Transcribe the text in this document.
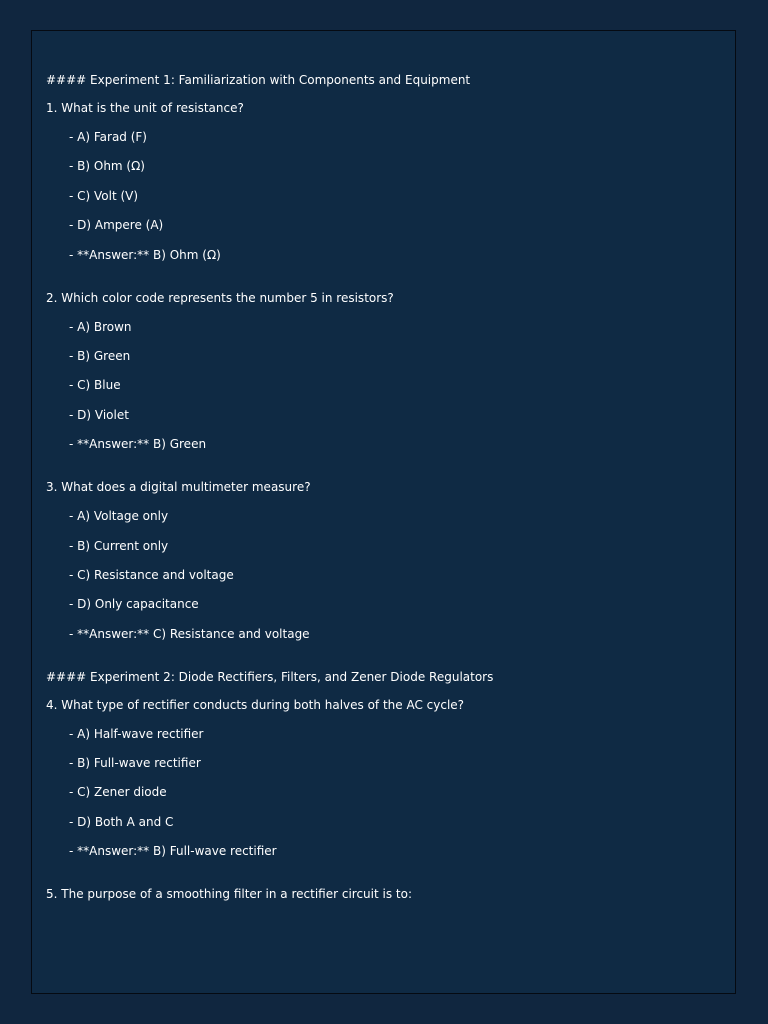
#### Experiment 1: Familiarization with Components and Equipment

1. What is the unit of resistance?

- A) Farad (F)

- B) Ohm (Ω)

- C) Volt (V)

- D) Ampere (A)

- **Answer:** B) Ohm (Ω)

2. Which color code represents the number 5 in resistors?

- A) Brown

- B) Green

- C) Blue

- D) Violet

- **Answer:** B) Green

3. What does a digital multimeter measure?

- A) Voltage only

- B) Current only

- C) Resistance and voltage

- D) Only capacitance

- **Answer:** C) Resistance and voltage

#### Experiment 2: Diode Rectifiers, Filters, and Zener Diode Regulators

4. What type of rectifier conducts during both halves of the AC cycle?

- A) Half-wave rectifier

- B) Full-wave rectifier

- C) Zener diode

- D) Both A and C

- **Answer:** B) Full-wave rectifier

5. The purpose of a smoothing filter in a rectifier circuit is to:
